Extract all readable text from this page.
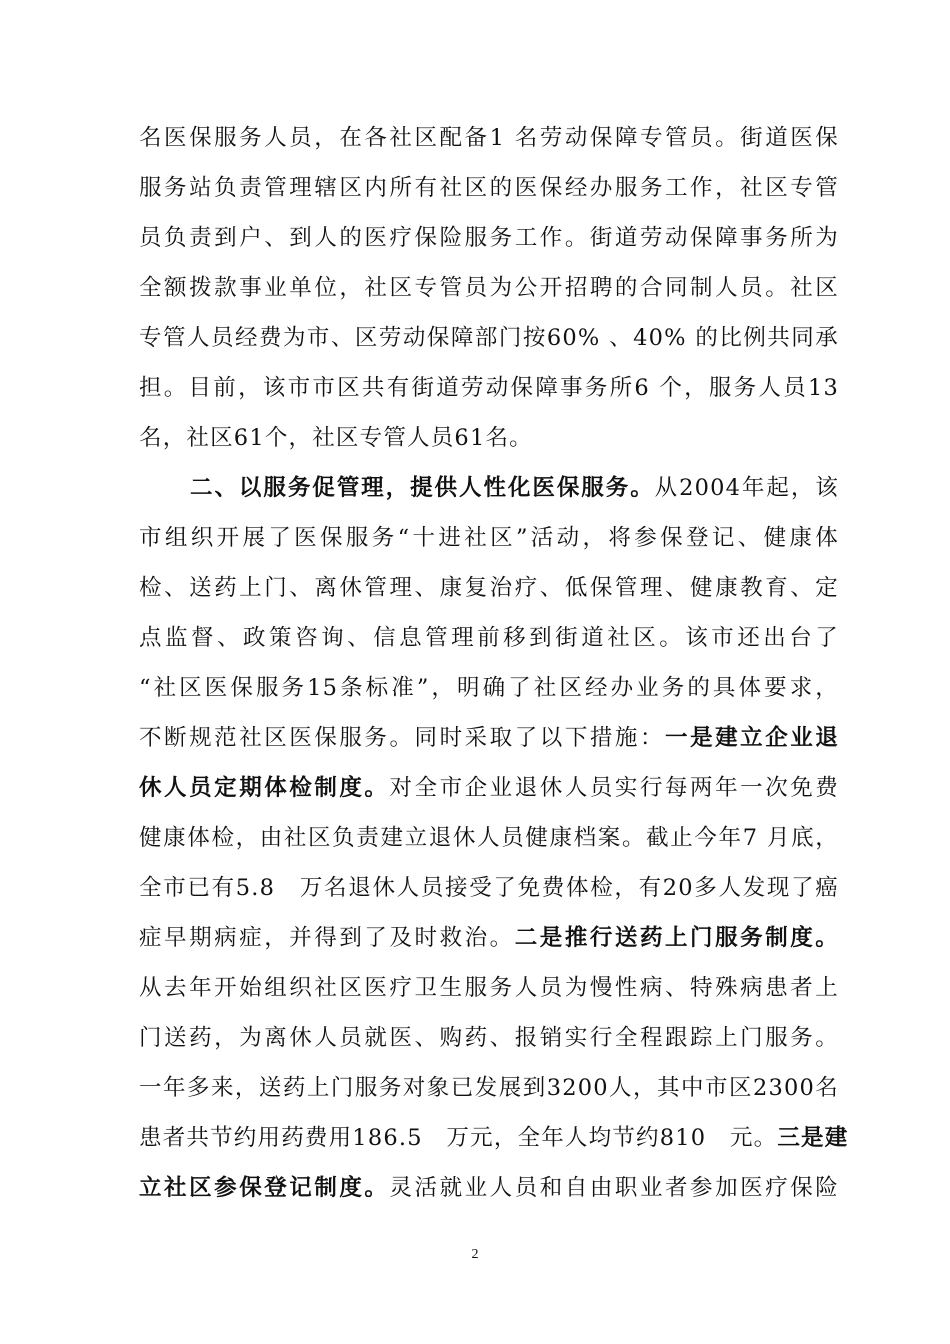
名医保服务人员，在各社区配备1 名劳动保障专管员。街道医保
服务站负责管理辖区内所有社区的医保经办服务工作，社区专管
员负责到户、到人的医疗保险服务工作。街道劳动保障事务所为
全额拨款事业单位，社区专管员为公开招聘的合同制人员。社区
专管人员经费为市、区劳动保障部门按60% 、40% 的比例共同承
担。目前，该市市区共有街道劳动保障事务所6 个，服务人员13
名，社区61个，社区专管人员61名。
二、以服务促管理，提供人性化医保服务。从2004年起，该
市组织开展了医保服务“十进社区”活动，将参保登记、健康体
检、送药上门、离休管理、康复治疗、低保管理、健康教育、定
点监督、政策咨询、信息管理前移到街道社区。该市还出台了
“社区医保服务15条标准”，明确了社区经办业务的具体要求，
不断规范社区医保服务。同时采取了以下措施：一是建立企业退
休人员定期体检制度。对全市企业退休人员实行每两年一次免费
健康体检，由社区负责建立退休人员健康档案。截止今年7 月底，
全市已有5.8　万名退休人员接受了免费体检，有20多人发现了癌
症早期病症，并得到了及时救治。二是推行送药上门服务制度。
从去年开始组织社区医疗卫生服务人员为慢性病、特殊病患者上
门送药，为离休人员就医、购药、报销实行全程跟踪上门服务。
一年多来，送药上门服务对象已发展到3200人，其中市区2300名
患者共节约用药费用186.5　万元，全年人均节约810　元。三是建
立社区参保登记制度。灵活就业人员和自由职业者参加医疗保险
2
